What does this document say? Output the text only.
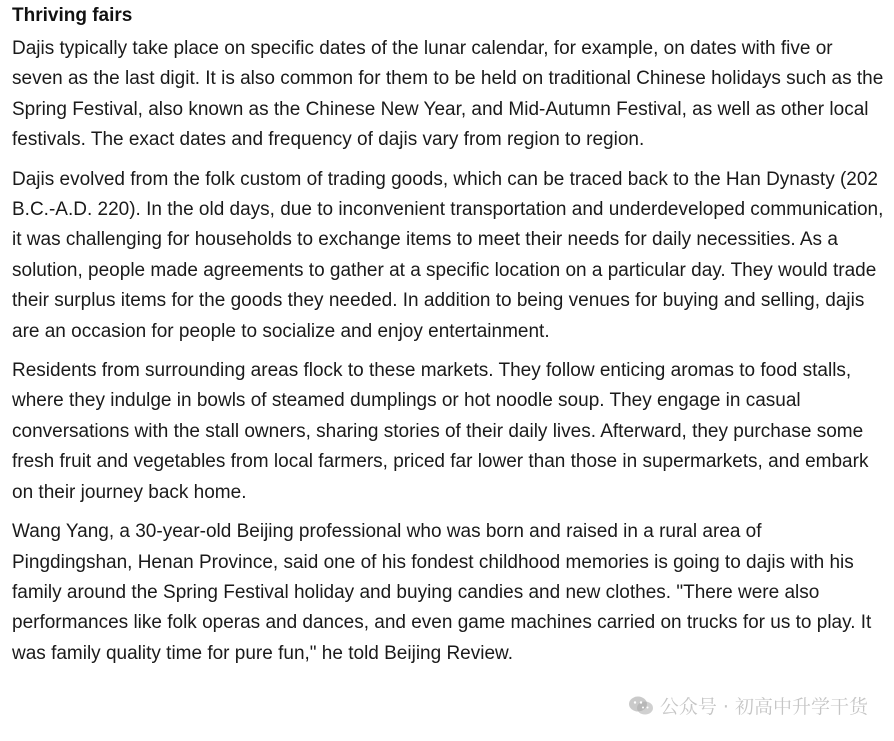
Thriving fairs

Dajis typically take place on specific dates of the lunar calendar, for example, on dates with five or seven as the last digit. It is also common for them to be held on traditional Chinese holidays such as the Spring Festival, also known as the Chinese New Year, and Mid-Autumn Festival, as well as other local festivals. The exact dates and frequency of dajis vary from region to region.

Dajis evolved from the folk custom of trading goods, which can be traced back to the Han Dynasty (202 B.C.-A.D. 220). In the old days, due to inconvenient transportation and underdeveloped communication, it was challenging for households to exchange items to meet their needs for daily necessities. As a solution, people made agreements to gather at a specific location on a particular day. They would trade their surplus items for the goods they needed. In addition to being venues for buying and selling, dajis are an occasion for people to socialize and enjoy entertainment.

Residents from surrounding areas flock to these markets. They follow enticing aromas to food stalls, where they indulge in bowls of steamed dumplings or hot noodle soup. They engage in casual conversations with the stall owners, sharing stories of their daily lives. Afterward, they purchase some fresh fruit and vegetables from local farmers, priced far lower than those in supermarkets, and embark on their journey back home.

Wang Yang, a 30-year-old Beijing professional who was born and raised in a rural area of Pingdingshan, Henan Province, said one of his fondest childhood memories is going to dajis with his family around the Spring Festival holiday and buying candies and new clothes. "There were also performances like folk operas and dances, and even game machines carried on trucks for us to play. It was family quality time for pure fun," he told Beijing Review.

公众号 · 初高中升学干货
